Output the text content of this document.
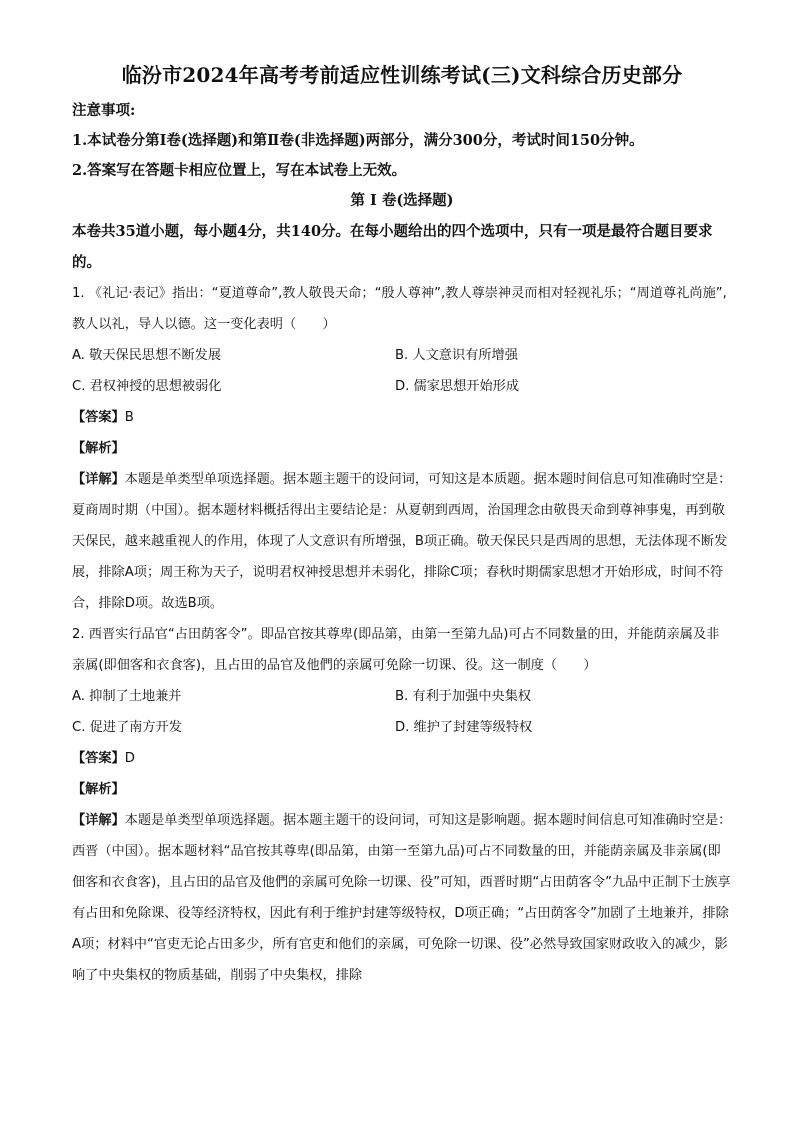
临汾市2024年高考考前适应性训练考试(三)文科综合历史部分

注意事项:

1.本试卷分第Ⅰ卷(选择题)和第Ⅱ卷(非选择题)两部分，满分300分，考试时间150分钟。

2.答案写在答题卡相应位置上，写在本试卷上无效。

第 Ⅰ 卷(选择题)

本卷共35道小题，每小题4分，共140分。在每小题给出的四个选项中，只有一项是最符合题目要求的。

1. 《礼记·表记》指出：“夏道尊命”,教人敬畏天命；“殷人尊神”,教人尊崇神灵而相对轻视礼乐；“周道尊礼尚施”,教人以礼，导人以德。这一变化表明（　　）

A. 敬天保民思想不断发展	B. 人文意识有所增强
C. 君权神授的思想被弱化	D. 儒家思想开始形成

【答案】B

【解析】

【详解】本题是单类型单项选择题。据本题主题干的设问词，可知这是本质题。据本题时间信息可知准确时空是：夏商周时期（中国）。据本题材料概括得出主要结论是：从夏朝到西周，治国理念由敬畏天命到尊神事鬼，再到敬天保民，越来越重视人的作用，体现了人文意识有所增强，B项正确。敬天保民只是西周的思想，无法体现不断发展，排除A项；周王称为天子，说明君权神授思想并未弱化，排除C项；春秋时期儒家思想才开始形成，时间不符合，排除D项。故选B项。

2. 西晋实行品官“占田荫客令”。即品官按其尊卑(即品第，由第一至第九品)可占不同数量的田，并能荫亲属及非亲属(即佃客和衣食客)，且占田的品官及他們的亲属可免除一切课、役。这一制度（　　）

A. 抑制了土地兼并	B. 有利于加强中央集权
C. 促进了南方开发	D. 维护了封建等级特权

【答案】D

【解析】

【详解】本题是单类型单项选择题。据本题主题干的设问词，可知这是影响题。据本题时间信息可知准确时空是：西晋（中国）。据本题材料“品官按其尊卑(即品第，由第一至第九品)可占不同数量的田，并能荫亲属及非亲属(即佃客和衣食客)，且占田的品官及他們的亲属可免除一切课、役”可知，西晋时期“占田荫客令”九品中正制下士族享有占田和免除课、役等经济特权，因此有利于维护封建等级特权，D项正确；“占田荫客令”加剧了土地兼并，排除A项；材料中“官吏无论占田多少，所有官吏和他们的亲属，可免除一切课、役”必然导致国家财政收入的减少，影响了中央集权的物质基础，削弱了中央集权，排除
